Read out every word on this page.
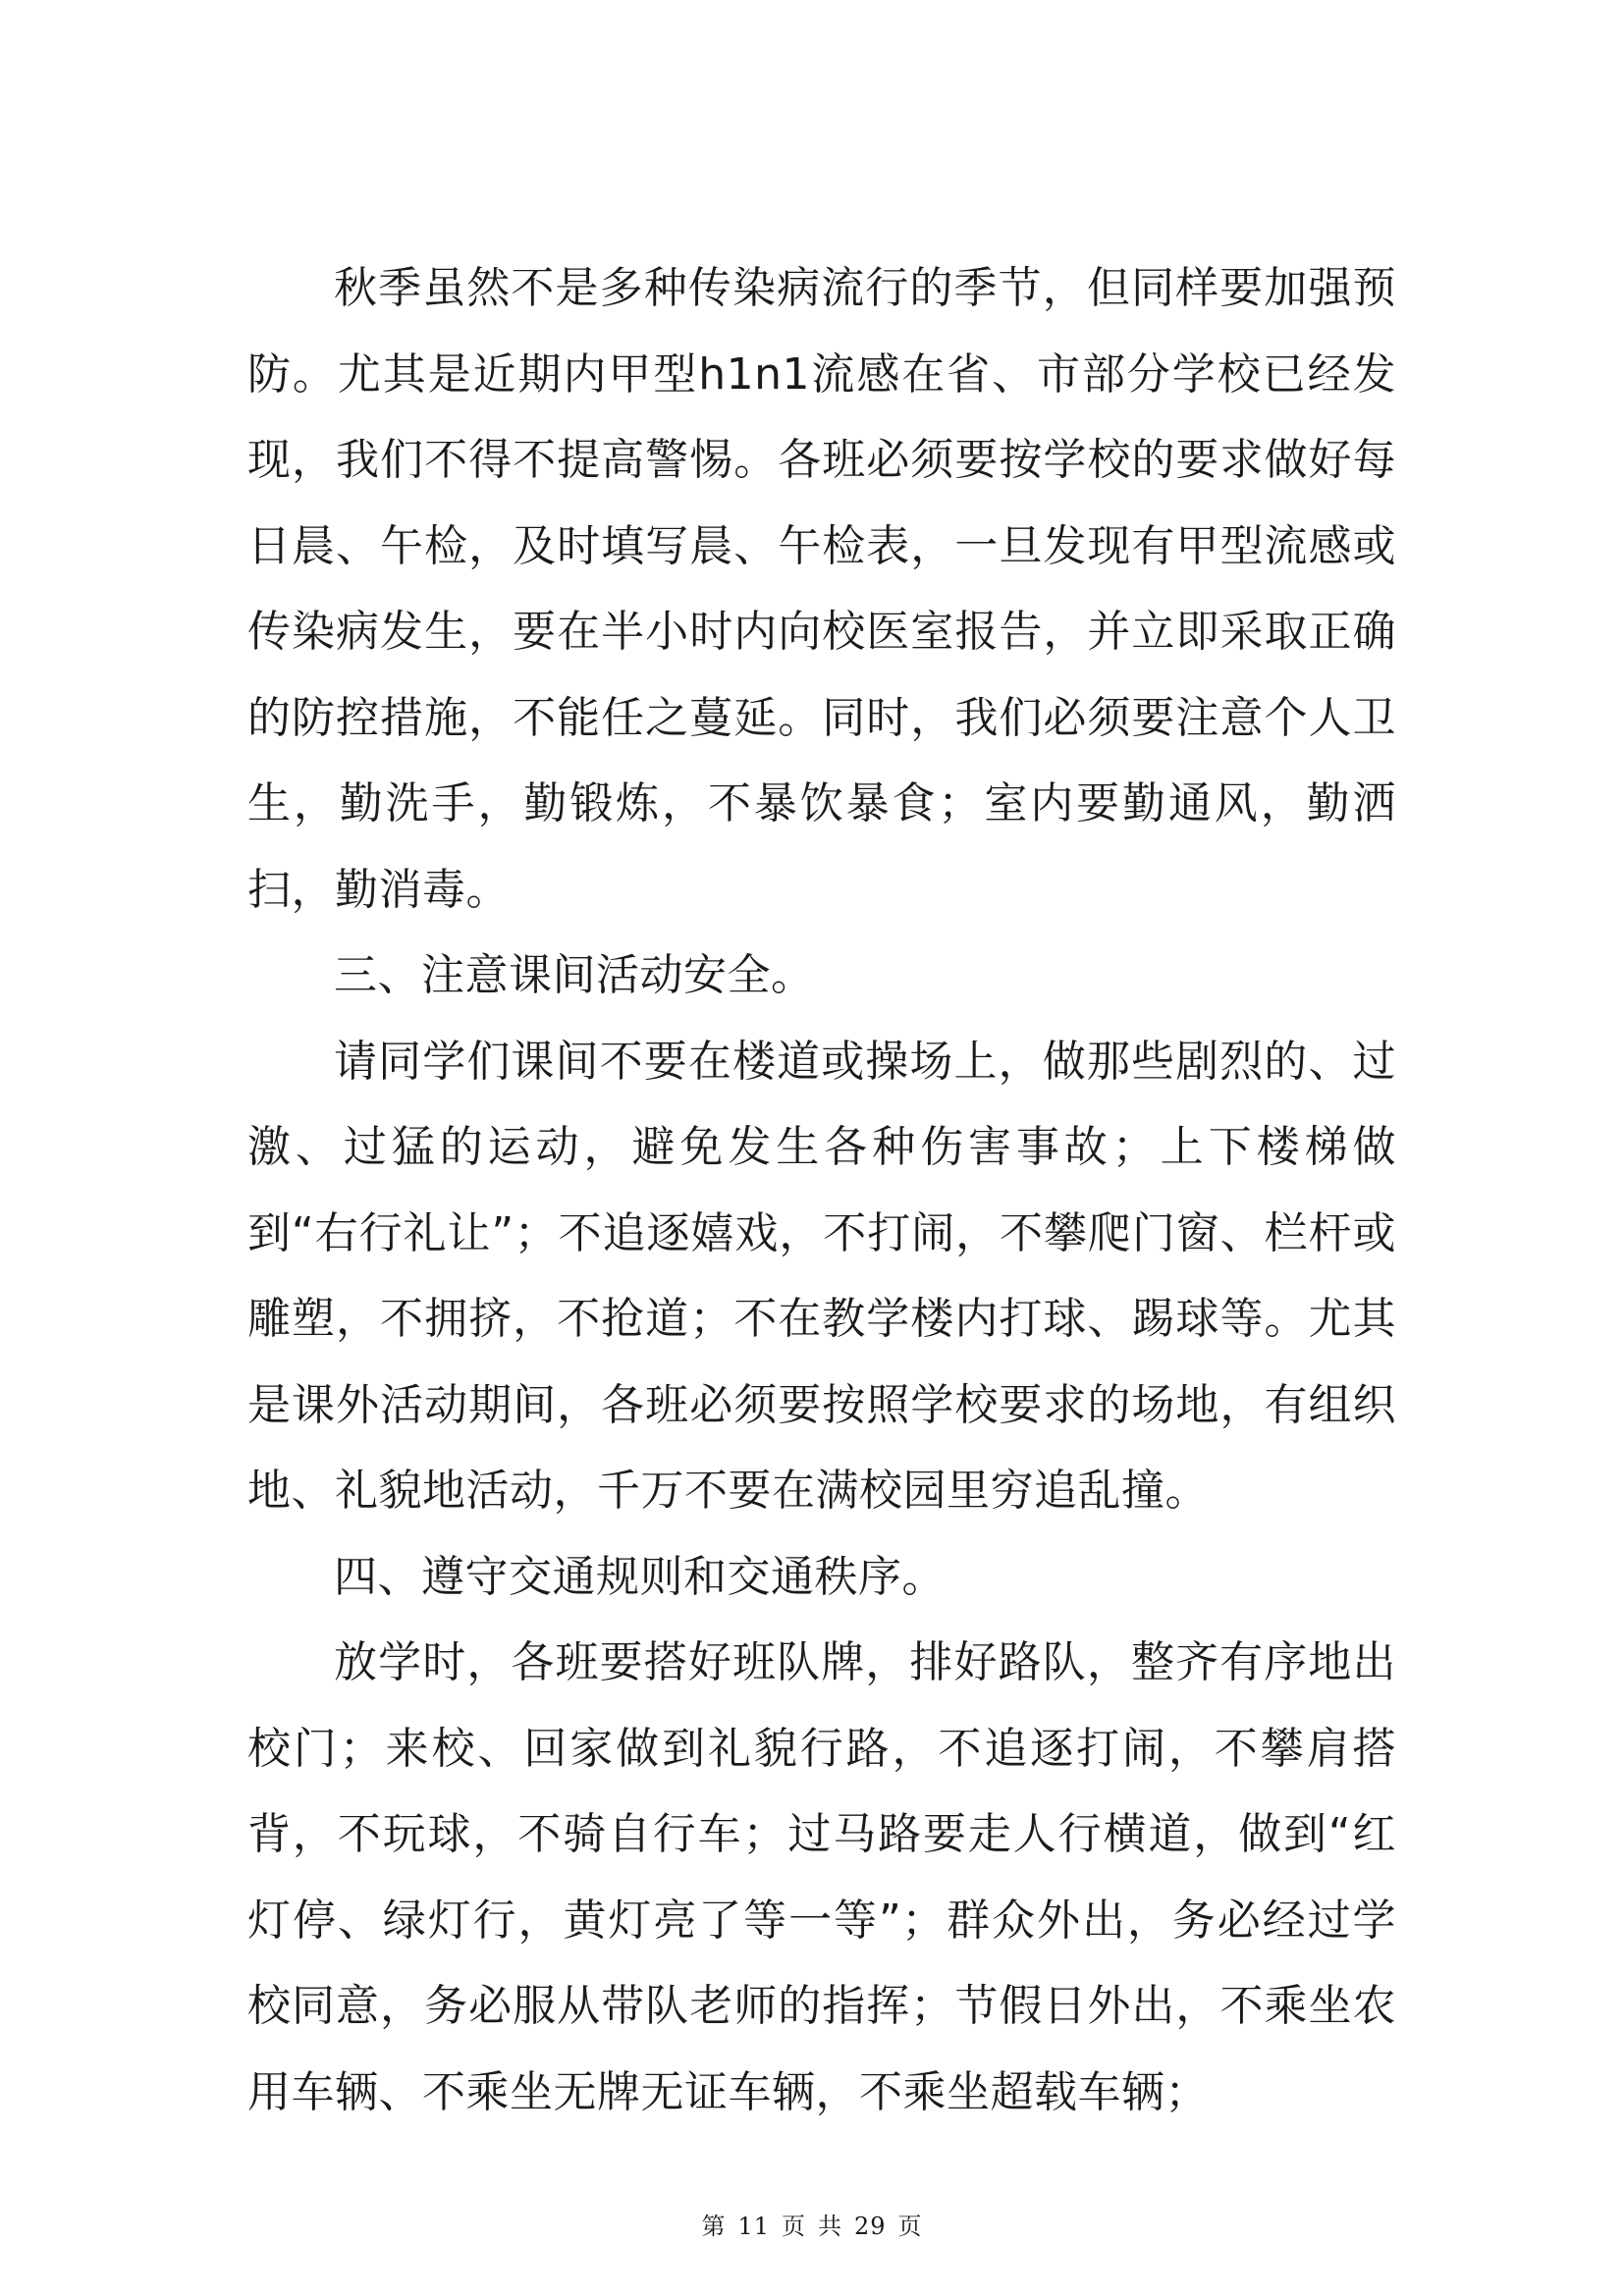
秋季虽然不是多种传染病流行的季节，但同样要加强预防。尤其是近期内甲型h1n1流感在省、市部分学校已经发现，我们不得不提高警惕。各班必须要按学校的要求做好每日晨、午检，及时填写晨、午检表，一旦发现有甲型流感或传染病发生，要在半小时内向校医室报告，并立即采取正确的防控措施，不能任之蔓延。同时，我们必须要注意个人卫生，勤洗手，勤锻炼，不暴饮暴食；室内要勤通风，勤洒扫，勤消毒。

三、注意课间活动安全。

请同学们课间不要在楼道或操场上，做那些剧烈的、过激、过猛的运动，避免发生各种伤害事故；上下楼梯做到“右行礼让”；不追逐嬉戏，不打闹，不攀爬门窗、栏杆或雕塑，不拥挤，不抢道；不在教学楼内打球、踢球等。尤其是课外活动期间，各班必须要按照学校要求的场地，有组织地、礼貌地活动，千万不要在满校园里穷追乱撞。

四、遵守交通规则和交通秩序。

放学时，各班要搭好班队牌，排好路队，整齐有序地出校门；来校、回家做到礼貌行路，不追逐打闹，不攀肩搭背，不玩球，不骑自行车；过马路要走人行横道，做到“红灯停、绿灯行，黄灯亮了等一等”；群众外出，务必经过学校同意，务必服从带队老师的指挥；节假日外出，不乘坐农用车辆、不乘坐无牌无证车辆，不乘坐超载车辆；

第 11 页 共 29 页
